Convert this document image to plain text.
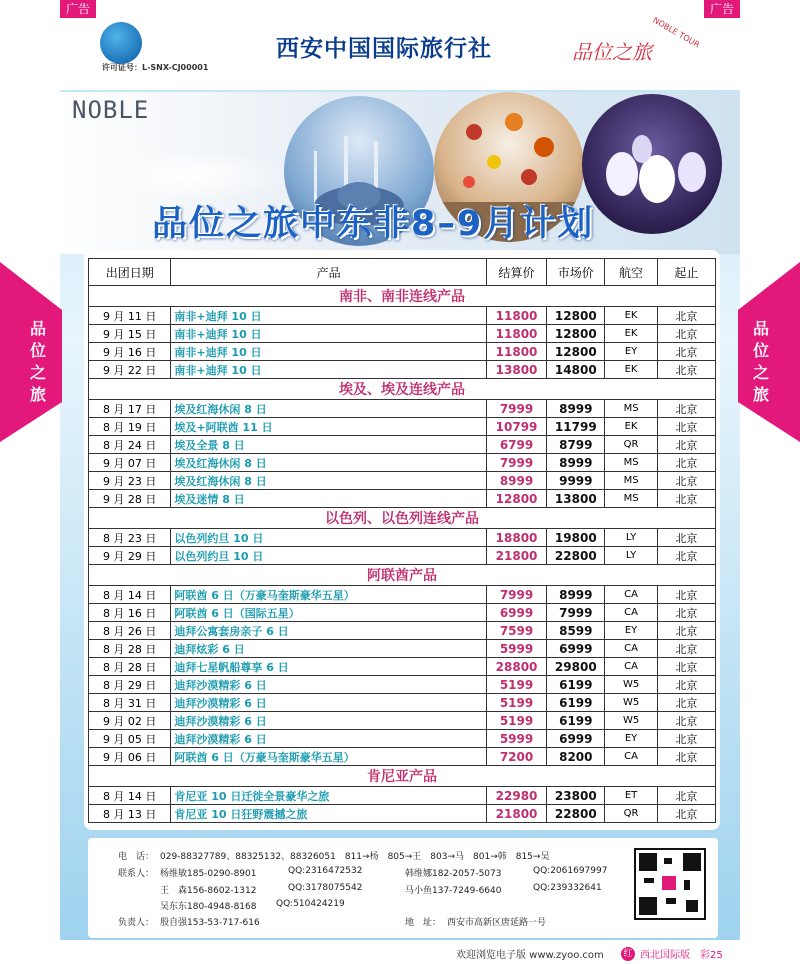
广告	广告
品位之旅
品位之旅
许可证号：L-SNX-CJ00001
西安中国国际旅行社	品位之旅
NOBLE TOUR
NOBLE
品位之旅中东非8–9月计划
出团日期	产品	结算价	市场价	航空	起止
南非、南非连线产品					
9 月 11 日	南非+迪拜 10 日	11800	12800	EK	北京
9 月 15 日	南非+迪拜 10 日	11800	12800	EK	北京
9 月 16 日	南非+迪拜 10 日	11800	12800	EY	北京
9 月 22 日	南非+迪拜 10 日	13800	14800	EK	北京
埃及、埃及连线产品					
8 月 17 日	埃及红海休闲 8 日	7999	8999	MS	北京
8 月 19 日	埃及+阿联酋 11 日	10799	11799	EK	北京
8 月 24 日	埃及全景 8 日	6799	8799	QR	北京
9 月 07 日	埃及红海休闲 8 日	7999	8999	MS	北京
9 月 23 日	埃及红海休闲 8 日	8999	9999	MS	北京
9 月 28 日	埃及迷情 8 日	12800	13800	MS	北京
以色列、以色列连线产品					
8 月 23 日	以色列约旦 10 日	18800	19800	LY	北京
9 月 29 日	以色列约旦 10 日	21800	22800	LY	北京
阿联酋产品					
8 月 14 日	阿联酋 6 日（万豪马奎斯豪华五星）	7999	8999	CA	北京
8 月 16 日	阿联酋 6 日（国际五星）	6999	7999	CA	北京
8 月 26 日	迪拜公寓套房亲子 6 日	7599	8599	EY	北京
8 月 28 日	迪拜炫彩 6 日	5999	6999	CA	北京
8 月 28 日	迪拜七星帆船尊享 6 日	28800	29800	CA	北京
8 月 29 日	迪拜沙漠精彩 6 日	5199	6199	W5	北京
8 月 31 日	迪拜沙漠精彩 6 日	5199	6199	W5	北京
9 月 02 日	迪拜沙漠精彩 6 日	5199	6199	W5	北京
9 月 05 日	迪拜沙漠精彩 6 日	5999	6999	EY	北京
9 月 06 日	阿联酋 6 日（万豪马奎斯豪华五星）	7200	8200	CA	北京
肯尼亚产品					
8 月 14 日	肯尼亚 10 日迁徙全景豪华之旅	22980	23800	ET	北京
8 月 13 日	肯尼亚 10 日狂野震撼之旅	21800	22800	QR	北京
电　话： 029-88327789、88325132、88326051　811→杨　805→王　803→马　801→韩　815→吴
联系人： 杨维敏185-0290-8901	QQ:2316472532	韩维娜182-2057-5073	QQ:2061697997
王　森156-8602-1312	QQ:3178075542	马小鱼137-7249-6640	QQ:239332641
吴东东180-4948-8168 QQ:510424219
负责人： 殷自强153-53-717-616	地　址： 西安市高新区唐延路一号
欢迎浏览电子版 www.zyoo.com 红 西北国际版　彩25
